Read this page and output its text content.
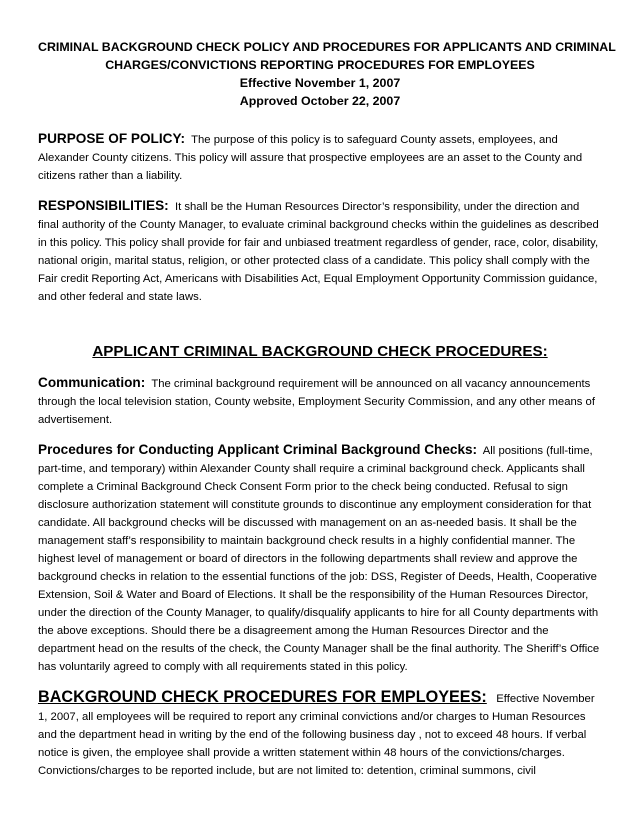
CRIMINAL BACKGROUND CHECK POLICY AND PROCEDURES FOR APPLICANTS AND CRIMINAL
CHARGES/CONVICTIONS REPORTING PROCEDURES FOR EMPLOYEES
Effective November 1, 2007
Approved October 22, 2007

PURPOSE OF POLICY: The purpose of this policy is to safeguard County assets, employees, and Alexander County citizens. This policy will assure that prospective employees are an asset to the County and citizens rather than a liability.

RESPONSIBILITIES: It shall be the Human Resources Director’s responsibility, under the direction and final authority of the County Manager, to evaluate criminal background checks within the guidelines as described in this policy. This policy shall provide for fair and unbiased treatment regardless of gender, race, color, disability, national origin, marital status, religion, or other protected class of a candidate. This policy shall comply with the Fair credit Reporting Act, Americans with Disabilities Act, Equal Employment Opportunity Commission guidance, and other federal and state laws.

APPLICANT CRIMINAL BACKGROUND CHECK PROCEDURES:

Communication: The criminal background requirement will be announced on all vacancy announcements through the local television station, County website, Employment Security Commission, and any other means of advertisement.

Procedures for Conducting Applicant Criminal Background Checks: All positions (full-time, part-time, and temporary) within Alexander County shall require a criminal background check. Applicants shall complete a Criminal Background Check Consent Form prior to the check being conducted. Refusal to sign disclosure authorization statement will constitute grounds to discontinue any employment consideration for that candidate. All background checks will be discussed with management on an as-needed basis. It shall be the management staff’s responsibility to maintain background check results in a highly confidential manner. The highest level of management or board of directors in the following departments shall review and approve the background checks in relation to the essential functions of the job: DSS, Register of Deeds, Health, Cooperative Extension, Soil & Water and Board of Elections. It shall be the responsibility of the Human Resources Director, under the direction of the County Manager, to qualify/disqualify applicants to hire for all County departments with the above exceptions. Should there be a disagreement among the Human Resources Director and the department head on the results of the check, the County Manager shall be the final authority. The Sheriff’s Office has voluntarily agreed to comply with all requirements stated in this policy.

BACKGROUND CHECK PROCEDURES FOR EMPLOYEES: Effective November 1, 2007, all employees will be required to report any criminal convictions and/or charges to Human Resources and the department head in writing by the end of the following business day , not to exceed 48 hours. If verbal notice is given, the employee shall provide a written statement within 48 hours of the convictions/charges. Convictions/charges to be reported include, but are not limited to: detention, criminal summons, civil
